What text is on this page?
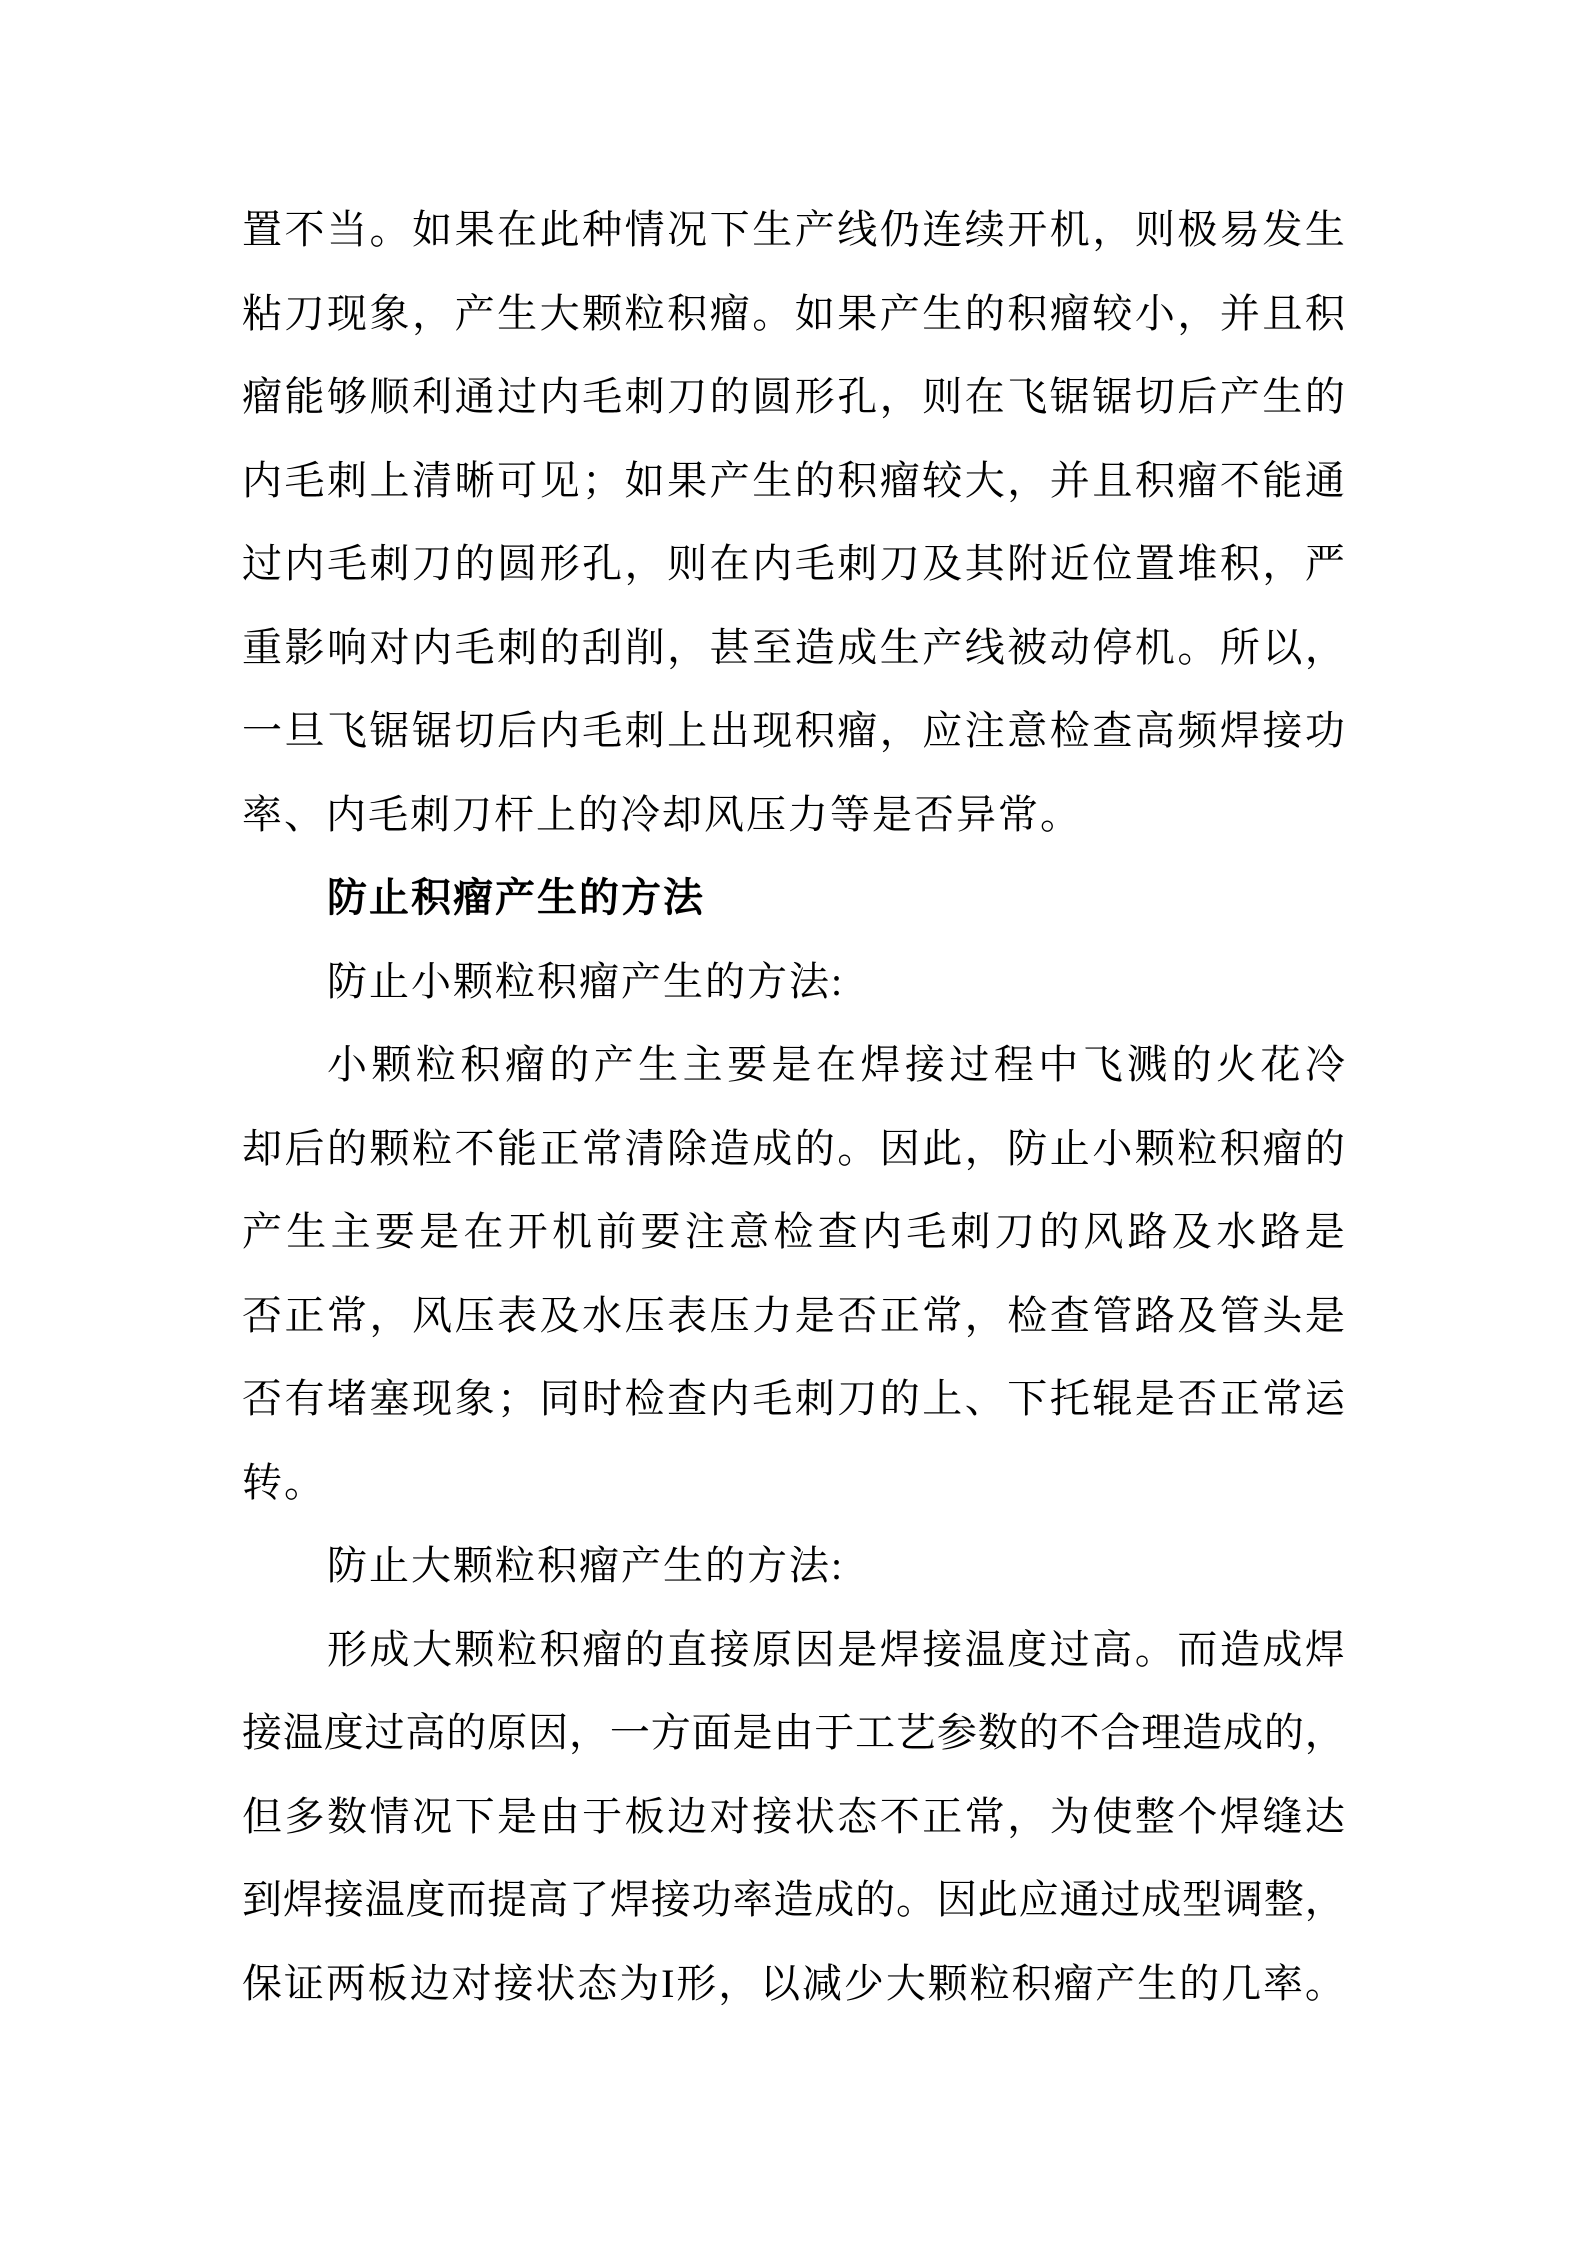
置 不 当 。 如 果 在 此 种 情 况 下 生 产 线 仍 连 续 开 机 ， 则 极 易 发 生
粘 刀 现 象 ， 产 生 大 颗 粒 积 瘤 。 如 果 产 生 的 积 瘤 较 小 ， 并 且 积
瘤 能 够 顺 利 通 过 内 毛 刺 刀 的 圆 形 孔 ， 则 在 飞 锯 锯 切 后 产 生 的
内 毛 刺 上 清 晰 可 见 ； 如 果 产 生 的 积 瘤 较 大 ， 并 且 积 瘤 不 能 通
过 内 毛 刺 刀 的 圆 形 孔 ， 则 在 内 毛 刺 刀 及 其 附 近 位 置 堆 积 ， 严
重 影 响 对 内 毛 刺 的 刮 削 ， 甚 至 造 成 生 产 线 被 动 停 机 。 所 以 ，
一 旦 飞 锯 锯 切 后 内 毛 刺 上 出 现 积 瘤 ， 应 注 意 检 查 高 频 焊 接 功
率、内毛刺刀杆上的冷却风压力等是否异常。
防止积瘤产生的方法
防止小颗粒积瘤产生的方法:
小 颗 粒 积 瘤 的 产 生 主 要 是 在 焊 接 过 程 中 飞 溅 的 火 花 冷
却 后 的 颗 粒 不 能 正 常 清 除 造 成 的 。 因 此 ， 防 止 小 颗 粒 积 瘤 的
产 生 主 要 是 在 开 机 前 要 注 意 检 查 内 毛 刺 刀 的 风 路 及 水 路 是
否 正 常 ， 风 压 表 及 水 压 表 压 力 是 否 正 常 ， 检 查 管 路 及 管 头 是
否 有 堵 塞 现 象 ； 同 时 检 查 内 毛 刺 刀 的 上 、 下 托 辊 是 否 正 常 运
转。
防止大颗粒积瘤产生的方法:
形 成 大 颗 粒 积 瘤 的 直 接 原 因 是 焊 接 温 度 过 高 。 而 造 成 焊
接 温 度 过 高 的 原 因 ， 一 方 面 是 由 于 工 艺 参 数 的 不 合 理 造 成 的 ，
但 多 数 情 况 下 是 由 于 板 边 对 接 状 态 不 正 常 ， 为 使 整 个 焊 缝 达
到 焊 接 温 度 而 提 高 了 焊 接 功 率 造 成 的 。 因 此 应 通 过 成 型 调 整 ，
保 证 两 板 边 对 接 状 态 为 I 形 ， 以 减 少 大 颗 粒 积 瘤 产 生 的 几 率 。
